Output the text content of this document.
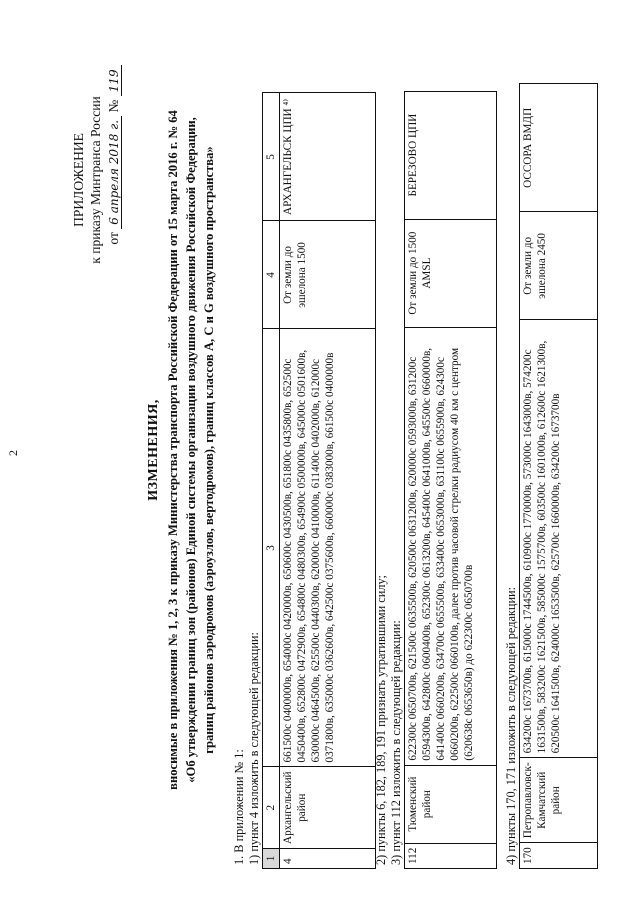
2
ПРИЛОЖЕНИЕ к приказу Минтранса России от 6 апреля 2018 г. № 119
ИЗМЕНЕНИЯ, вносимые в приложения № 1, 2, 3 к приказу Министерства транспорта Российской Федерации от 15 марта 2016 г. № 64 «Об утверждении границ зон (районов) Единой системы организации воздушного движения Российской Федерации, границ районов аэродромов (аэроузлов, вертодромов), границ классов A, C и G воздушного пространства»
1. В приложении № 1: 1) пункт 4 изложить в следующей редакции: 1	2	3	4	5
4	Архангельский район	661500с 0400000в, 654000с 0420000в, 650600с 0430500в, 651800с 0435800в, 652500с 0450400в, 652800с 0472900в, 654800с 0480300в, 654900с 0500000в, 645000с 0501600в, 630000с 0464500в, 625500с 0440300в, 620000с 0410000в, 611400с 0402000в, 612000с 0371800в, 635000с 0362600в, 642500с 0375600в, 660000с 0383000в, 661500с 0400000в	От земли до эшелона 1500	АРХАНГЕЛЬСК ЦПИ ⁴⁾
2) пункты 6, 182, 189, 191 признать утратившими силу; 3) пункт 112 изложить в следующей редакции: 112	Тюменский район	622300с 0650700в, 621500с 0635500в, 620500с 0631200в, 620000с 0593000в, 631200с 0594300в, 642800с 0600400в, 652300с 0613200в, 645400с 0641000в, 645500с 0660000в, 641400с 0660200в, 634700с 0655500в, 633400с 0653000в, 631100с 0655900в, 624300с 0660200в, 622500с 0660100в, далее против часовой стрелки радиусом 40 км с центром (620638с 0653650в) до 622300с 0650700в	От земли до 1500 AMSL	БЕРЕЗОВО ЦПИ
4) пункты 170, 171 изложить в следующей редакции: 170	Петропавловск-Камчатский район	634200с 1673700в, 615000с 1744500в, 610900с 1770000в, 573000с 1643000в, 574200с 1631500в, 583200с 1621500в, 585000с 1575700в, 603500с 1601000в, 612600с 1621300в, 620500с 1641500в, 624000с 1653500в, 625700с 1660000в, 634200с 1673700в	От земли до эшелона 2450	ОССОРА ВМДП
